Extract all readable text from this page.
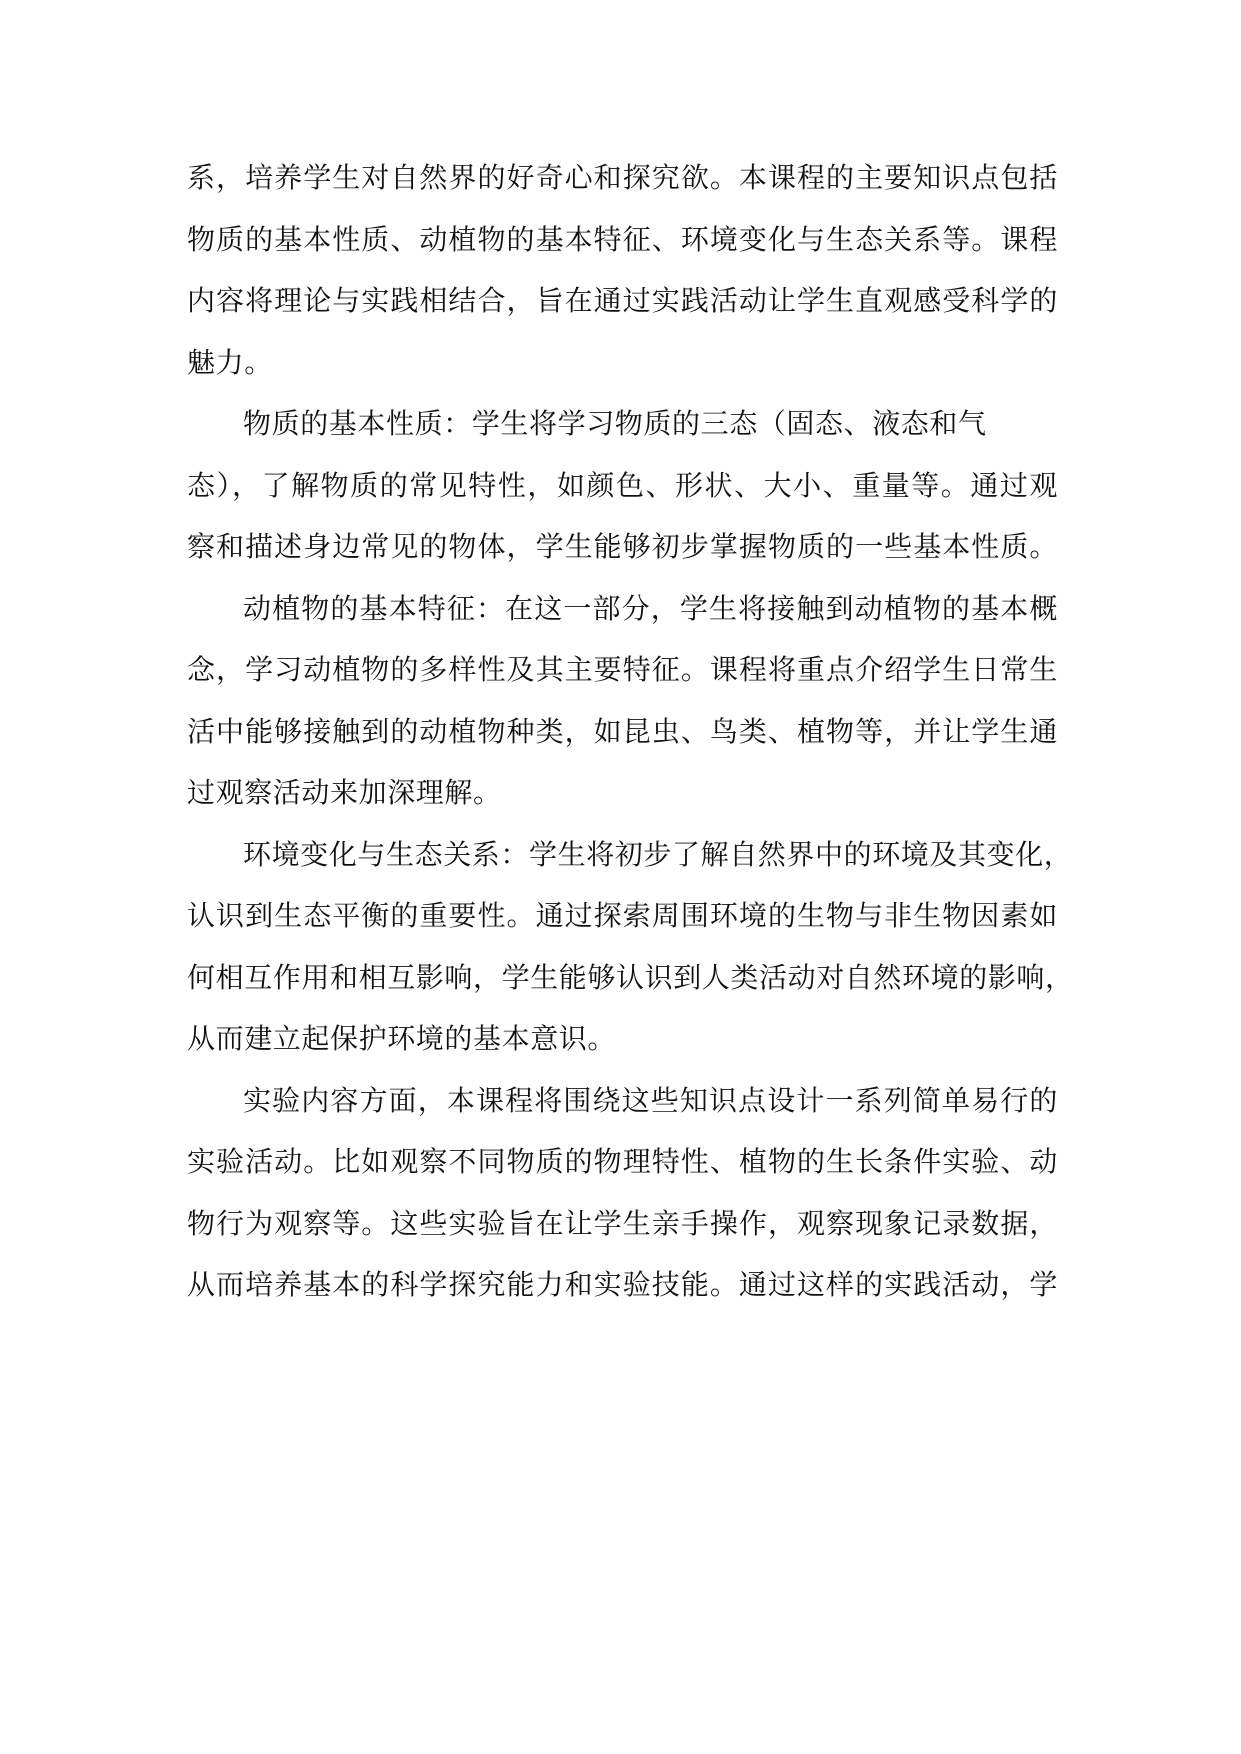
系，培养学生对自然界的好奇心和探究欲。本课程的主要知识点包括
物质的基本性质、动植物的基本特征、环境变化与生态关系等。课程
内容将理论与实践相结合，旨在通过实践活动让学生直观感受科学的
魅力。
物质的基本性质：学生将学习物质的三态（固态、液态和气
态），了解物质的常见特性，如颜色、形状、大小、重量等。通过观
察和描述身边常见的物体，学生能够初步掌握物质的一些基本性质。
动植物的基本特征：在这一部分，学生将接触到动植物的基本概
念，学习动植物的多样性及其主要特征。课程将重点介绍学生日常生
活中能够接触到的动植物种类，如昆虫、鸟类、植物等，并让学生通
过观察活动来加深理解。
环境变化与生态关系：学生将初步了解自然界中的环境及其变化，
认识到生态平衡的重要性。通过探索周围环境的生物与非生物因素如
何相互作用和相互影响，学生能够认识到人类活动对自然环境的影响，
从而建立起保护环境的基本意识。
实验内容方面，本课程将围绕这些知识点设计一系列简单易行的
实验活动。比如观察不同物质的物理特性、植物的生长条件实验、动
物行为观察等。这些实验旨在让学生亲手操作，观察现象记录数据，
从而培养基本的科学探究能力和实验技能。通过这样的实践活动，学
